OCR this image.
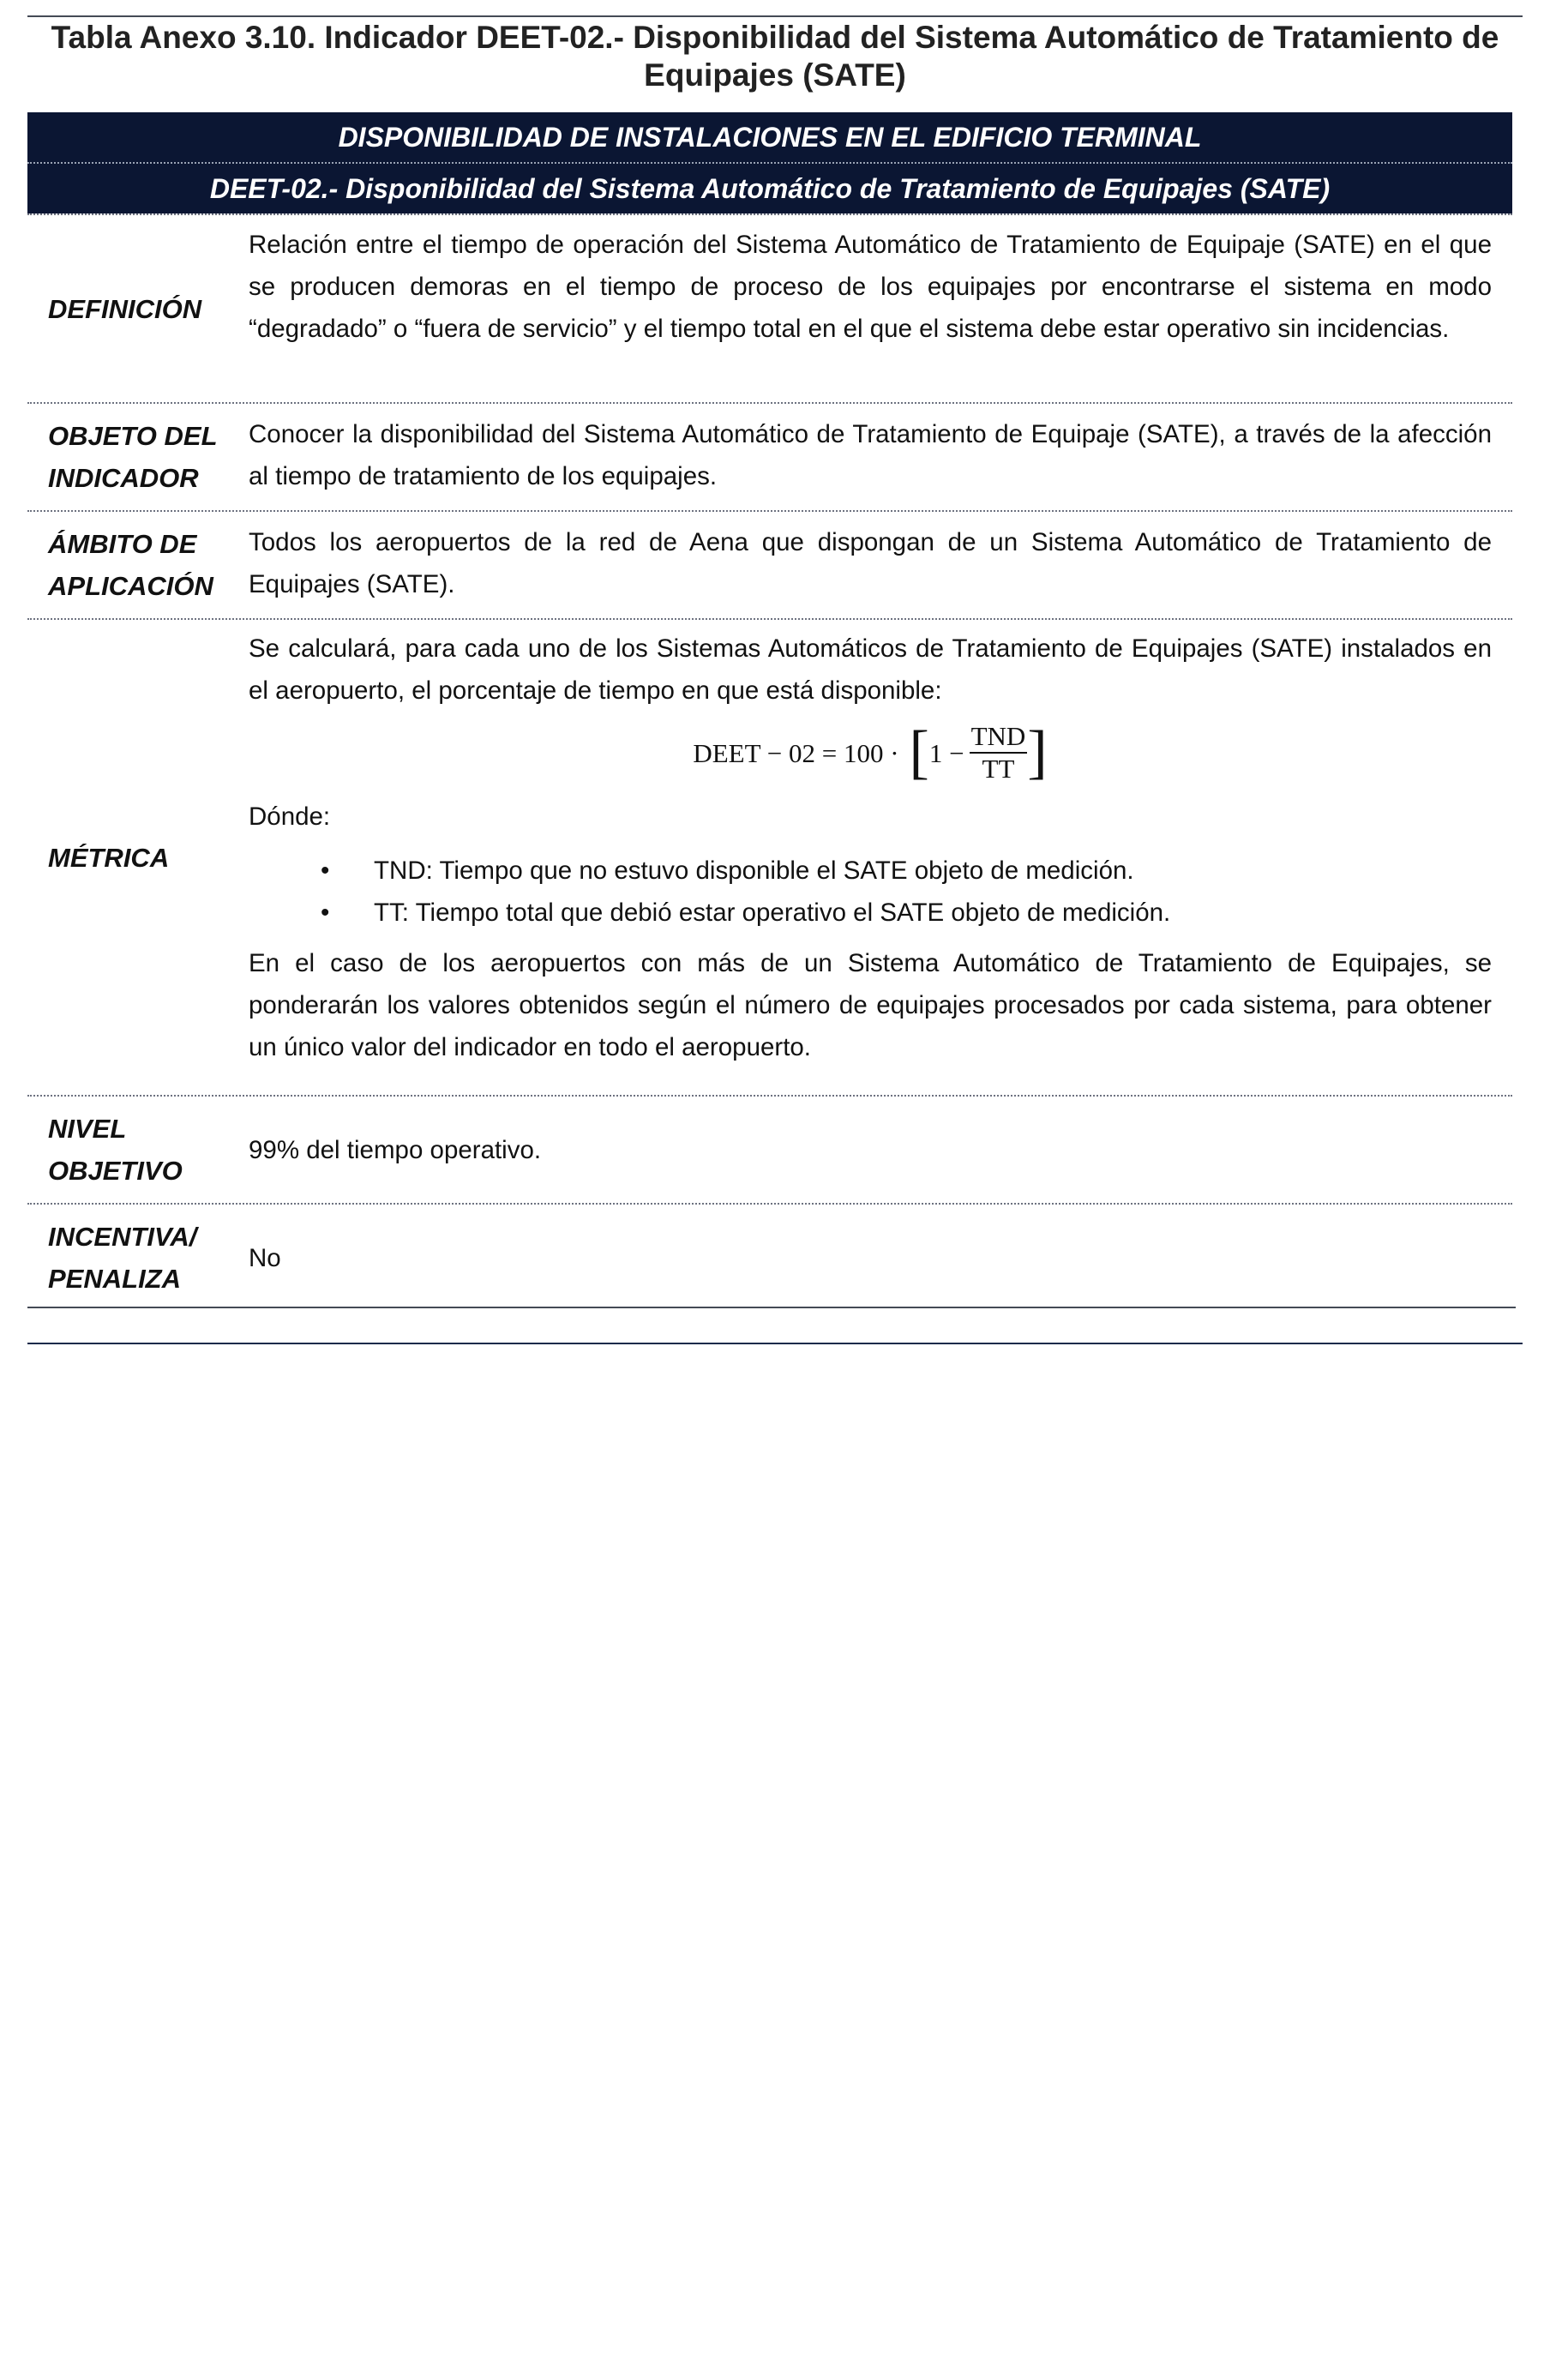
Tabla Anexo 3.10. Indicador DEET-02.- Disponibilidad del Sistema Automático de Tratamiento de Equipajes (SATE)
DISPONIBILIDAD DE INSTALACIONES EN EL EDIFICIO TERMINAL
DEET-02.- Disponibilidad del Sistema Automático de Tratamiento de Equipajes (SATE)
DEFINICIÓN

Relación entre el tiempo de operación del Sistema Automático de Tratamiento de Equipaje (SATE) en el que se producen demoras en el tiempo de proceso de los equipajes por encontrarse el sistema en modo “degradado” o “fuera de servicio” y el tiempo total en el que el sistema debe estar operativo sin incidencias.

OBJETO DEL INDICADOR

Conocer la disponibilidad del Sistema Automático de Tratamiento de Equipaje (SATE), a través de la afección al tiempo de tratamiento de los equipajes.

ÁMBITO DE APLICACIÓN

Todos los aeropuertos de la red de Aena que dispongan de un Sistema Automático de Tratamiento de Equipajes (SATE).

MÉTRICA

Se calculará, para cada uno de los Sistemas Automáticos de Tratamiento de Equipajes (SATE) instalados en el aeropuerto, el porcentaje de tiempo en que está disponible:

DEET − 02 = 100 · [ $1 - \frac{\text{TND}}{TT}$ ]

Dónde:

• TND: Tiempo que no estuvo disponible el SATE objeto de medición.
• TT: Tiempo total que debió estar operativo el SATE objeto de medición.

En el caso de los aeropuertos con más de un Sistema Automático de Tratamiento de Equipajes, se ponderarán los valores obtenidos según el número de equipajes procesados por cada sistema, para obtener un único valor del indicador en todo el aeropuerto.

NIVEL OBJETIVO

99% del tiempo operativo.

INCENTIVA/ PENALIZA

No
